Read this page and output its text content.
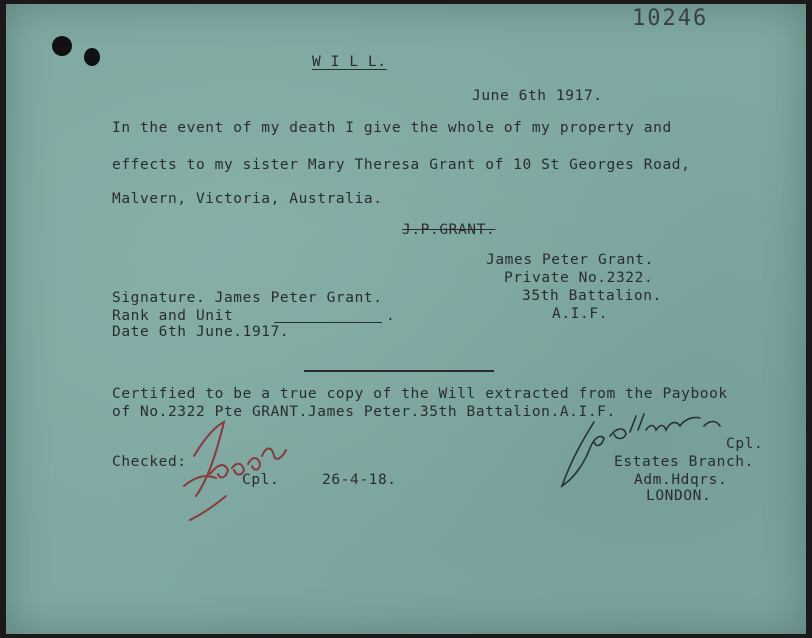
10246
W I L L.
June 6th 1917.
In the event of my death I give the whole of my property and
effects to my sister Mary Theresa Grant of 10 St Georges Road,
Malvern, Victoria, Australia.
J.P.GRANT.
James Peter Grant.
Private No.2322.
35th Battalion.
A.I.F.
Signature. James Peter Grant.
Rank and Unit	.
Date 6th June.1917.
Certified to be a true copy of the Will extracted from the Paybook
of No.2322 Pte GRANT.James Peter.35th Battalion.A.I.F.
Checked:
Cpl.	26-4-18.
Cpl.
Estates Branch.
Adm.Hdqrs.
LONDON.
